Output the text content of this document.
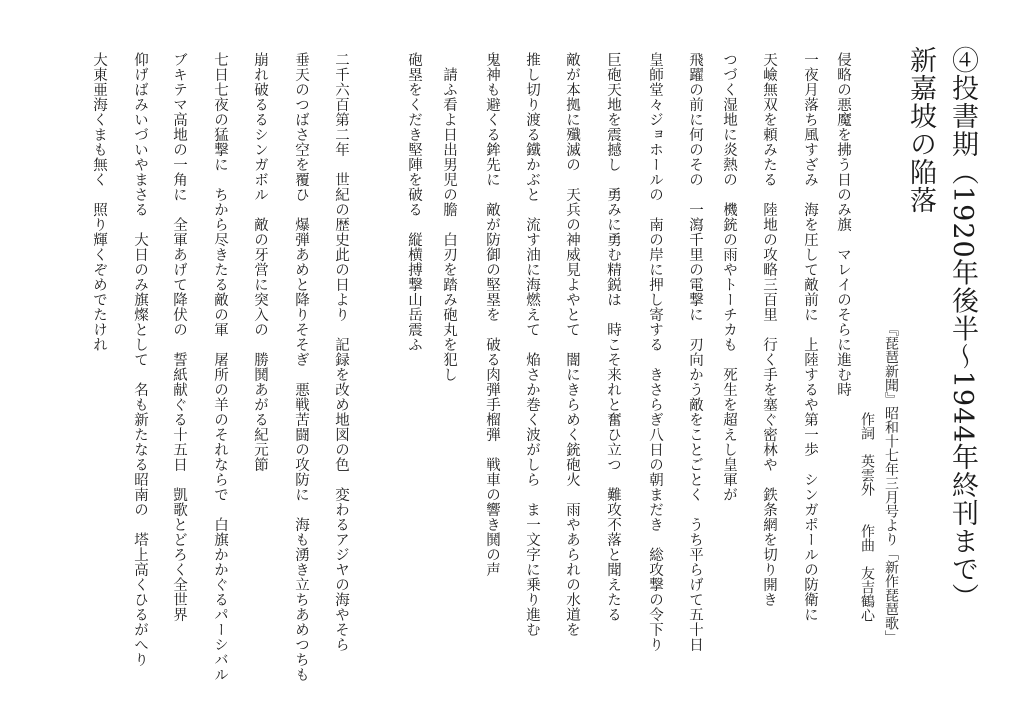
④投書期（1920年後半〜1944年終刊まで）
新嘉坡の陥落
『琵琶新聞』昭和十七年三月号より「新作琵琶歌」
作詞　英雲外　　作曲　友吉鶴心
侵略の悪魔を拂う日のみ旗　マレイのそらに進む時
一夜月落ち風すざみ　海を圧して敵前に　上陸するや第一歩　シンガポールの防衛に
天嶮無双を頼みたる　陸地の攻略三百里　行く手を塞ぐ密林や　鉄条網を切り開き
つづく湿地に炎熱の　機銃の雨やトーチカも　死生を超えし皇軍が
飛躍の前に何のその　一瀉千里の電撃に　刃向かう敵をことごとく　うち平らげて五十日
皇師堂々ジョホールの　南の岸に押し寄する　きさらぎ八日の朝まだき　総攻撃の令下り
巨砲天地を震撼し　勇みに勇む精鋭は　時こそ来れと奮ひ立つ　難攻不落と聞えたる
敵が本拠に殲滅の　天兵の神威見よやとて　闇にきらめく銃砲火　雨やあられの水道を
推し切り渡る鐵かぶと　流す油に海燃えて　焔さか巻く波がしら　ま一文字に乗り進む
鬼神も避くる鉾先に　敵が防御の堅塁を　破る肉弾手榴弾　戦車の響き鬨の声
　請ふ看よ日出男児の膽　白刃を踏み砲丸を犯し
砲塁をくだき堅陣を破る　縦横搏撃山岳震ふ
二千六百第二年　世紀の歴史此の日より　記録を改め地図の色　変わるアジヤの海やそら
垂天のつばさ空を覆ひ　爆弾あめと降りそそぎ　悪戦苦闘の攻防に　海も湧き立ちあめつちも
崩れ破るるシンガボル　敵の牙営に突入の　勝鬨あがる紀元節
七日七夜の猛撃に　ちから尽きたる敵の軍　屠所の羊のそれならで　白旗かかぐるパーシバル
ブキテマ高地の一角に　全軍あげて降伏の　誓紙献ぐる十五日　凱歌とどろく全世界
仰げばみいづいやまさる　大日のみ旗燦として　名も新たなる昭南の　塔上高くひるがへり
大東亜海くまも無く　照り輝くぞめでたけれ
